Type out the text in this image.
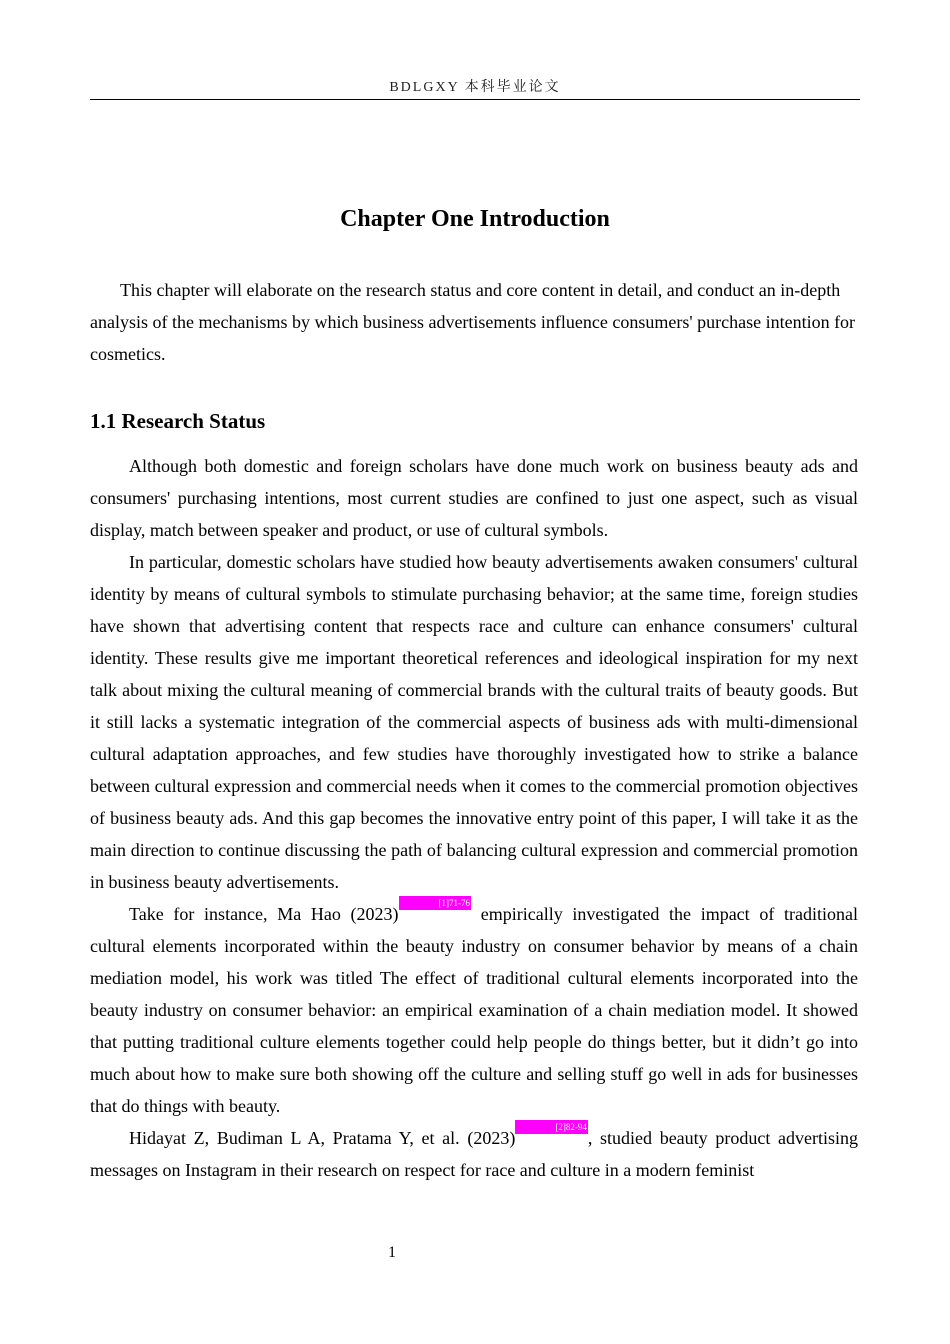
BDLGXY 本科毕业论文
Chapter One Introduction

This chapter will elaborate on the research status and core content in detail, and conduct an in-depth analysis of the mechanisms by which business advertisements influence consumers' purchase intention for cosmetics.

1.1 Research Status

Although both domestic and foreign scholars have done much work on business beauty ads and consumers' purchasing intentions, most current studies are confined to just one aspect, such as visual display, match between speaker and product, or use of cultural symbols.

In particular, domestic scholars have studied how beauty advertisements awaken consumers' cultural identity by means of cultural symbols to stimulate purchasing behavior; at the same time, foreign studies have shown that advertising content that respects race and culture can enhance consumers' cultural identity. These results give me important theoretical references and ideological inspiration for my next talk about mixing the cultural meaning of commercial brands with the cultural traits of beauty goods. But it still lacks a systematic integration of the commercial aspects of business ads with multi-dimensional cultural adaptation approaches, and few studies have thoroughly investigated how to strike a balance between cultural expression and commercial needs when it comes to the commercial promotion objectives of business beauty ads. And this gap becomes the innovative entry point of this paper, I will take it as the main direction to continue discussing the path of balancing cultural expression and commercial promotion in business beauty advertisements.

Take for instance, Ma Hao (2023)[1]71-76 empirically investigated the impact of traditional cultural elements incorporated within the beauty industry on consumer behavior by means of a chain mediation model, his work was titled The effect of traditional cultural elements incorporated into the beauty industry on consumer behavior: an empirical examination of a chain mediation model. It showed that putting traditional culture elements together could help people do things better, but it didn’t go into much about how to make sure both showing off the culture and selling stuff go well in ads for businesses that do things with beauty.

Hidayat Z, Budiman L A, Pratama Y, et al. (2023)[2]82-94, studied beauty product advertising messages on Instagram in their research on respect for race and culture in a modern feminist

1
